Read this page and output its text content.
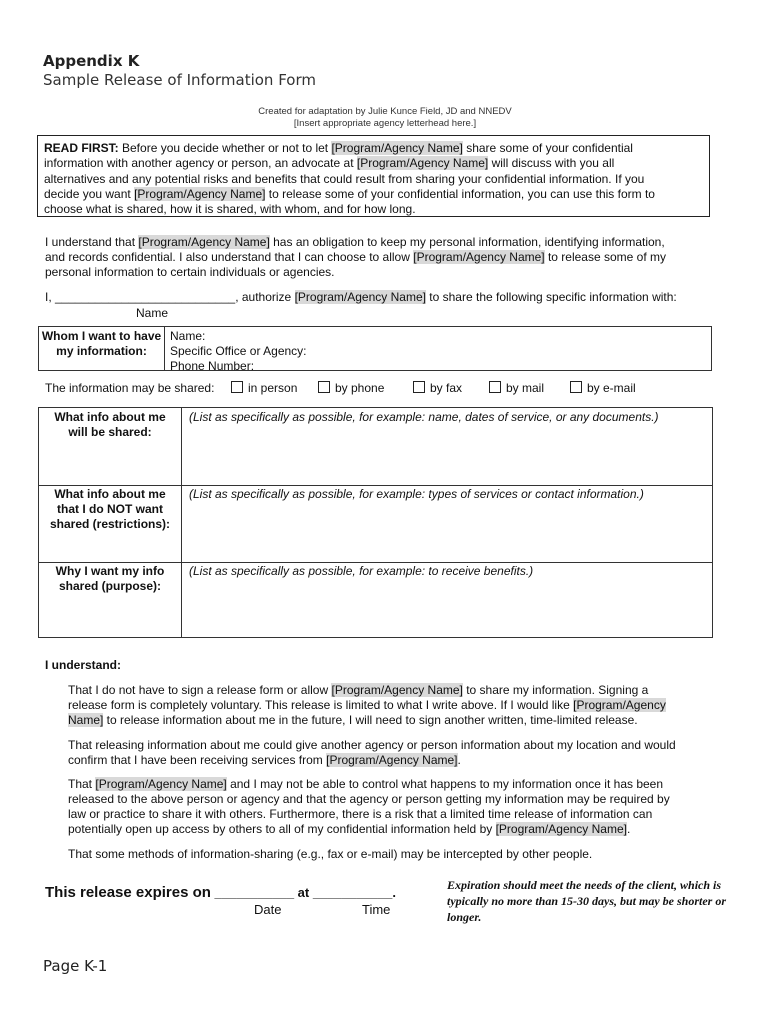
Appendix K
Sample Release of Information Form
Created for adaptation by Julie Kunce Field, JD and NNEDV
[Insert appropriate agency letterhead here.]
READ FIRST: Before you decide whether or not to let [Program/Agency Name] share some of your confidential
information with another agency or person, an advocate at [Program/Agency Name] will discuss with you all
alternatives and any potential risks and benefits that could result from sharing your confidential information. If you
decide you want [Program/Agency Name] to release some of your confidential information, you can use this form to
choose what is shared, how it is shared, with whom, and for how long.
I understand that [Program/Agency Name] has an obligation to keep my personal information, identifying information,
and records confidential. I also understand that I can choose to allow [Program/Agency Name] to release some of my
personal information to certain individuals or agencies.
I, ___________________________, authorize [Program/Agency Name] to share the following specific information with:
Name
Whom I want to have my information:
Name:
Specific Office or Agency:
Phone Number:
The information may be shared:	in person	by phone	by fax	by mail	by e-mail
What info about me will be shared:
(List as specifically as possible, for example: name, dates of service, or any documents.)
What info about me that I do NOT want shared (restrictions):
(List as specifically as possible, for example: types of services or contact information.)
Why I want my info shared (purpose):
(List as specifically as possible, for example: to receive benefits.)
I understand:
That I do not have to sign a release form or allow [Program/Agency Name] to share my information. Signing a
release form is completely voluntary. This release is limited to what I write above. If I would like [Program/Agency
Name] to release information about me in the future, I will need to sign another written, time-limited release.
That releasing information about me could give another agency or person information about my location and would
confirm that I have been receiving services from [Program/Agency Name].
That [Program/Agency Name] and I may not be able to control what happens to my information once it has been
released to the above person or agency and that the agency or person getting my information may be required by
law or practice to share it with others. Furthermore, there is a risk that a limited time release of information can
potentially open up access by others to all of my confidential information held by [Program/Agency Name].
That some methods of information-sharing (e.g., fax or e-mail) may be intercepted by other people.
This release expires on ___________ at ___________.
Date	Time
Expiration should meet the needs of the client, which is typically no more than 15-30 days, but may be shorter or longer.
Page K-1
